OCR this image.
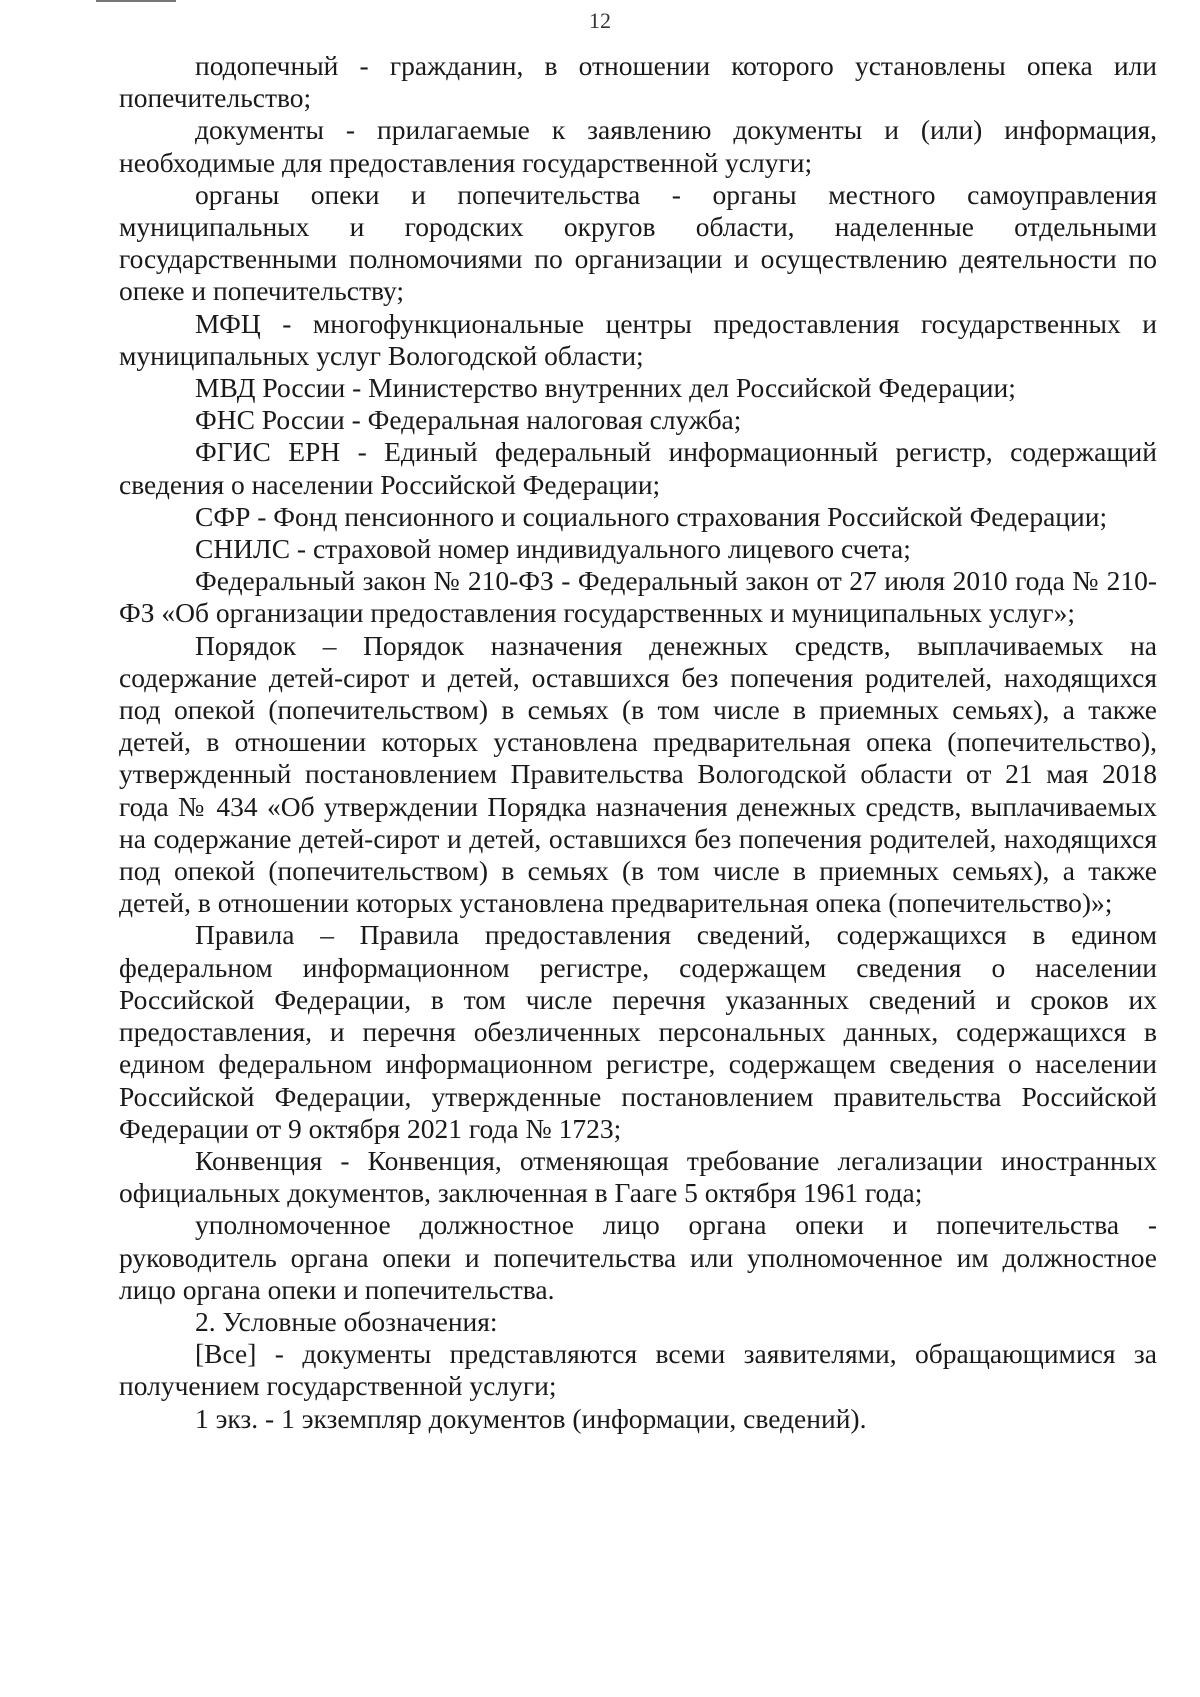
12

подопечный - гражданин, в отношении которого установлены опека или попечительство;

документы - прилагаемые к заявлению документы и (или) информация, необходимые для предоставления государственной услуги;

органы опеки и попечительства - органы местного самоуправления муниципальных и городских округов области, наделенные отдельными государственными полномочиями по организации и осуществлению деятельности по опеке и попечительству;

МФЦ - многофункциональные центры предоставления государственных и муниципальных услуг Вологодской области;

МВД России - Министерство внутренних дел Российской Федерации;

ФНС России - Федеральная налоговая служба;

ФГИС ЕРН - Единый федеральный информационный регистр, содержащий сведения о населении Российской Федерации;

СФР - Фонд пенсионного и социального страхования Российской Федерации;

СНИЛС - страховой номер индивидуального лицевого счета;

Федеральный закон № 210-ФЗ - Федеральный закон от 27 июля 2010 года № 210-ФЗ «Об организации предоставления государственных и муниципальных услуг»;

Порядок – Порядок назначения денежных средств, выплачиваемых на содержание детей-сирот и детей, оставшихся без попечения родителей, находящихся под опекой (попечительством) в семьях (в том числе в приемных семьях), а также детей, в отношении которых установлена предварительная опека (попечительство), утвержденный постановлением Правительства Вологодской области от 21 мая 2018 года № 434 «Об утверждении Порядка назначения денежных средств, выплачиваемых на содержание детей-сирот и детей, оставшихся без попечения родителей, находящихся под опекой (попечительством) в семьях (в том числе в приемных семьях), а также детей, в отношении которых установлена предварительная опека (попечительство)»;

Правила – Правила предоставления сведений, содержащихся в едином федеральном информационном регистре, содержащем сведения о населении Российской Федерации, в том числе перечня указанных сведений и сроков их предоставления, и перечня обезличенных персональных данных, содержащихся в едином федеральном информационном регистре, содержащем сведения о населении Российской Федерации, утвержденные постановлением правительства Российской Федерации от 9 октября 2021 года № 1723;

Конвенция - Конвенция, отменяющая требование легализации иностранных официальных документов, заключенная в Гааге 5 октября 1961 года;

уполномоченное должностное лицо органа опеки и попечительства - руководитель органа опеки и попечительства или уполномоченное им должностное лицо органа опеки и попечительства.

2. Условные обозначения:

[Все] - документы представляются всеми заявителями, обращающимися за получением государственной услуги;

1 экз. - 1 экземпляр документов (информации, сведений).
